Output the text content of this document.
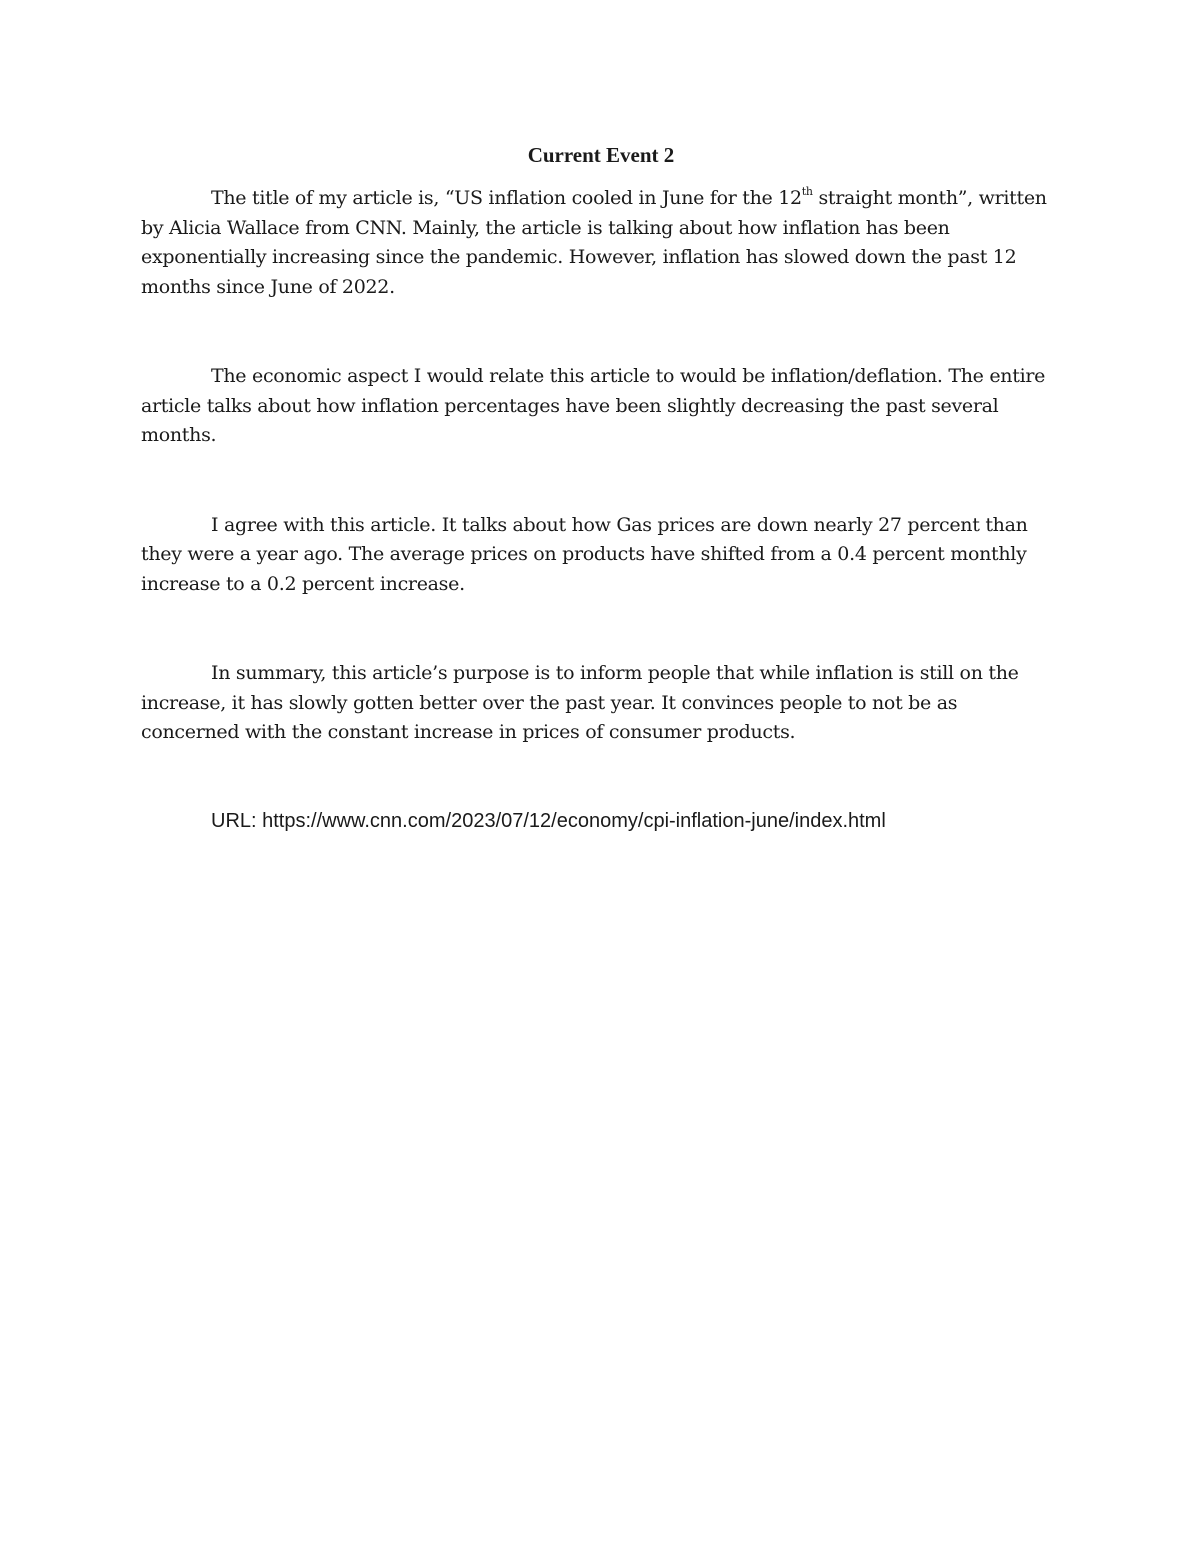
Current Event 2

The title of my article is, “US inflation cooled in June for the 12th straight month”, written by Alicia Wallace from CNN. Mainly, the article is talking about how inflation has been exponentially increasing since the pandemic. However, inflation has slowed down the past 12 months since June of 2022.

The economic aspect I would relate this article to would be inflation/deflation. The entire article talks about how inflation percentages have been slightly decreasing the past several months.

I agree with this article. It talks about how Gas prices are down nearly 27 percent than they were a year ago. The average prices on products have shifted from a 0.4 percent monthly increase to a 0.2 percent increase.

In summary, this article’s purpose is to inform people that while inflation is still on the increase, it has slowly gotten better over the past year. It convinces people to not be as concerned with the constant increase in prices of consumer products.

URL: https://www.cnn.com/2023/07/12/economy/cpi-inflation-june/index.html
